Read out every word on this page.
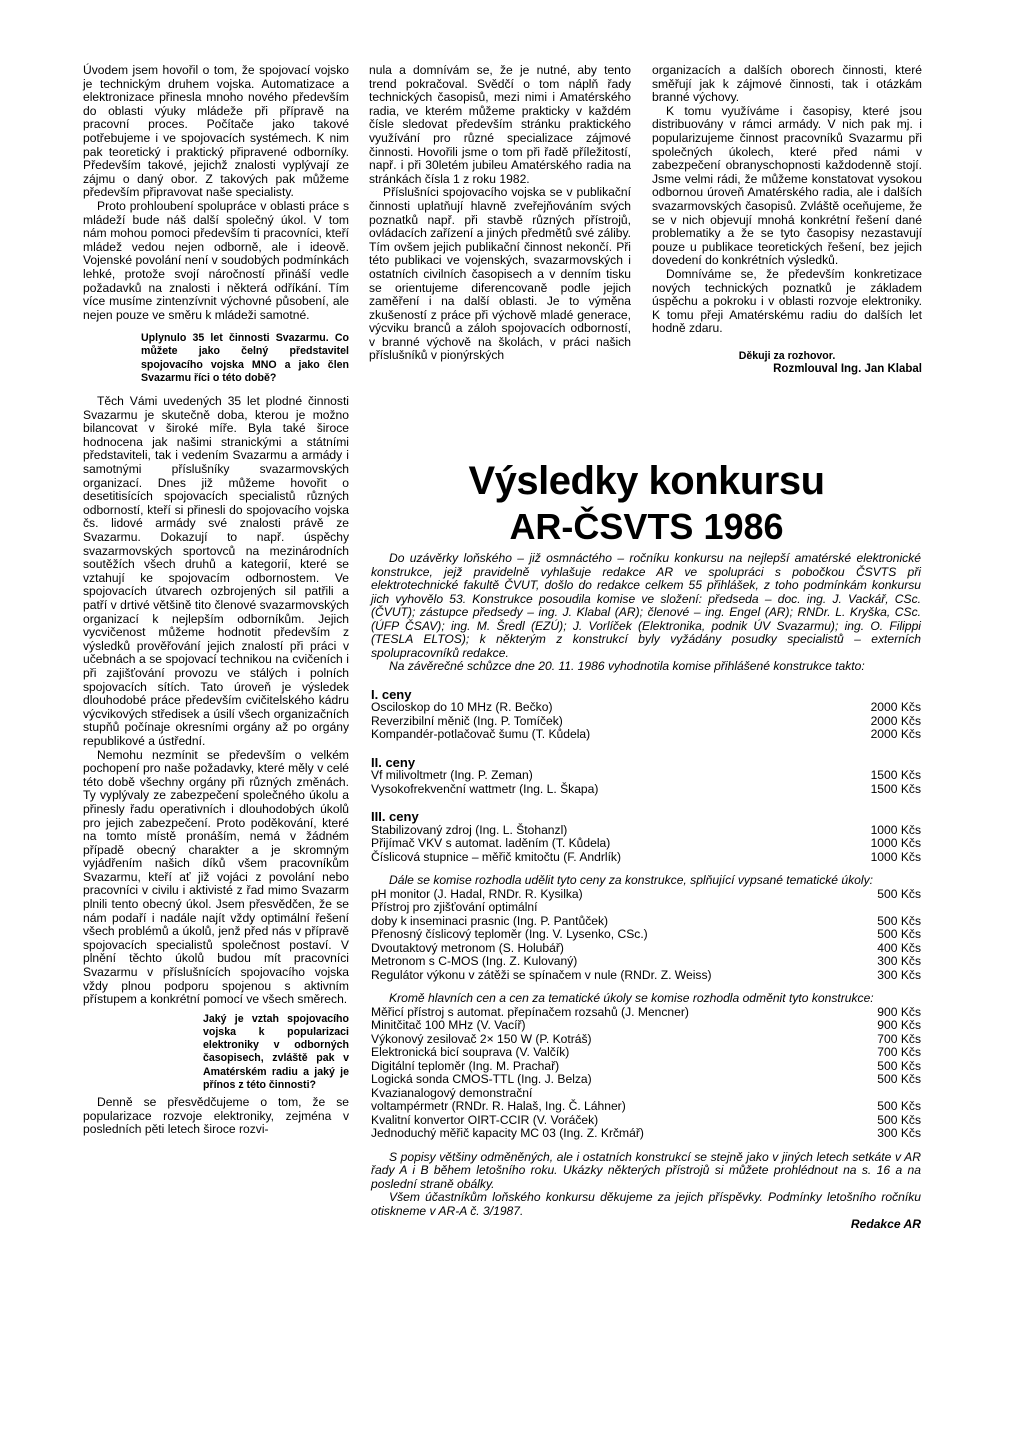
Úvodem jsem hovořil o tom, že spojovací vojsko je technickým druhem vojska. Automatizace a elektronizace přinesla mnoho nového především do oblasti výuky mládeže při přípravě na pracovní proces. Počítače jako takové potřebujeme i ve spojovacích systémech. K nim pak teoretický i praktický připravené odborníky. Především takové, jejichž znalosti vyplývají ze zájmu o daný obor. Z takových pak můžeme především připravovat naše specialisty.

Proto prohloubení spolupráce v oblasti práce s mládeží bude náš další společný úkol. V tom nám mohou pomoci především ti pracovníci, kteří mládež vedou nejen odborně, ale i ideově. Vojenské povolání není v soudobých podmínkách lehké, protože svojí náročností přináší vedle požadavků na znalosti i některá odříkání. Tím více musíme zintenzívnit výchovné působení, ale nejen pouze ve směru k mládeži samotné.

Uplynulo 35 let činnosti Svazarmu. Co můžete jako čelný představitel spojovacího vojska MNO a jako člen Svazarmu říci o této době?

Těch Vámi uvedených 35 let plodné činnosti Svazarmu je skutečně doba, kterou je možno bilancovat v široké míře. Byla také široce hodnocena jak našimi stranickými a státními představiteli, tak i vedením Svazarmu a armády i samotnými příslušníky svazarmovských organizací. Dnes již můžeme hovořit o desetitisících spojovacích specialistů různých odborností, kteří si přinesli do spojovacího vojska čs. lidové armády své znalosti právě ze Svazarmu. Dokazují to např. úspěchy svazarmovských sportovců na mezinárodních soutěžích všech druhů a kategorií, které se vztahují ke spojovacím odbornostem. Ve spojovacích útvarech ozbrojených sil patřili a patří v drtivé většině tito členové svazarmovských organizací k nejlepším odborníkům. Jejich vycvičenost můžeme hodnotit především z výsledků prověřování jejich znalostí při práci v učebnách a se spojovací technikou na cvičeních i při zajišťování provozu ve stálých i polních spojovacích sítích. Tato úroveň je výsledek dlouhodobé práce především cvičitelského kádru výcvikových středisek a úsilí všech organizačních stupňů počínaje okresními orgány až po orgány republikové a ústřední.

Nemohu nezmínit se především o velkém pochopení pro naše požadavky, které měly v celé této době všechny orgány při různých změnách. Ty vyplývaly ze zabezpečení společného úkolu a přinesly řadu operativních i dlouhodobých úkolů pro jejich zabezpečení. Proto poděkování, které na tomto místě pronáším, nemá v žádném případě obecný charakter a je skromným vyjádřením našich díků všem pracovníkům Svazarmu, kteří ať již vojáci z povolání nebo pracovníci v civilu i aktivisté z řad mimo Svazarm plnili tento obecný úkol. Jsem přesvědčen, že se nám podaří i nadále najít vždy optimální řešení všech problémů a úkolů, jenž před nás v přípravě spojovacích specialistů společnost postaví. V plnění těchto úkolů budou mít pracovníci Svazarmu v příslušnících spojovacího vojska vždy plnou podporu spojenou s aktivním přístupem a konkrétní pomocí ve všech směrech.

Jaký je vztah spojovacího vojska k popularizaci elektroniky v odborných časopisech, zvláště pak v Amatérském radiu a jaký je přínos z této činnosti?

Denně se přesvědčujeme o tom, že se popularizace rozvoje elektroniky, zejména v posledních pěti letech široce rozvi-

nula a domnívám se, že je nutné, aby tento trend pokračoval. Svědčí o tom náplň řady technických časopisů, mezi nimi i Amatérského radia, ve kterém můžeme prakticky v každém čísle sledovat především stránku praktického využívání pro různé specializace zájmové činnosti. Hovořili jsme o tom při řadě příležitostí, např. i při 30letém jubileu Amatérského radia na stránkách čísla 1 z roku 1982.

Příslušníci spojovacího vojska se v publikační činnosti uplatňují hlavně zveřejňováním svých poznatků např. při stavbě různých přístrojů, ovládacích zařízení a jiných předmětů své záliby. Tím ovšem jejich publikační činnost nekončí. Při této publikaci ve vojenských, svazarmovských i ostatních civilních časopisech a v denním tisku se orientujeme diferencovaně podle jejich zaměření i na další oblasti. Je to výměna zkušeností z práce při výchově mladé generace, výcviku branců a záloh spojovacích odborností, v branné výchově na školách, v práci našich příslušníků v pionýrských

organizacích a dalších oborech činnosti, které směřují jak k zájmové činnosti, tak i otázkám branné výchovy.

K tomu využíváme i časopisy, které jsou distribuovány v rámci armády. V nich pak mj. i popularizujeme činnost pracovníků Svazarmu při společných úkolech, které před námi v zabezpečení obranyschopnosti každodenně stojí. Jsme velmi rádi, že můžeme konstatovat vysokou odbornou úroveň Amatérského radia, ale i dalších svazarmovských časopisů. Zvláště oceňujeme, že se v nich objevují mnohá konkrétní řešení dané problematiky a že se tyto časopisy nezastavují pouze u publikace teoretických řešení, bez jejich dovedení do konkrétních výsledků.

Domníváme se, že především konkretizace nových technických poznatků je základem úspěchu a pokroku i v oblasti rozvoje elektroniky. K tomu přeji Amatérskému radiu do dalších let hodně zdaru.

Děkuji za rozhovor.

Rozmlouval Ing. Jan Klabal

Výsledky konkursu
AR-ČSVTS 1986

Do uzávěrky loňského – již osmnáctého – ročníku konkursu na nejlepší amatérské elektronické konstrukce, jejž pravidelně vyhlašuje redakce AR ve spolupráci s pobočkou ČSVTS při elektrotechnické fakultě ČVUT, došlo do redakce celkem 55 přihlášek, z toho podmínkám konkursu jich vyhovělo 53. Konstrukce posoudila komise ve složení: předseda – doc. ing. J. Vackář, CSc. (ČVUT); zástupce předsedy – ing. J. Klabal (AR); členové – ing. Engel (AR); RNDr. L. Kryška, CSc. (ÚFP ČSAV); ing. M. Šredl (EZÚ); J. Vorlíček (Elektronika, podnik ÚV Svazarmu); ing. O. Filippi (TESLA ELTOS); k některým z konstrukcí byly vyžádány posudky specialistů – externích spolupracovníků redakce.

Na závěrečné schůzce dne 20. 11. 1986 vyhodnotila komise přihlášené konstrukce takto:

I. ceny
Osciloskop do 10 MHz (R. Bečko)	2000 Kčs
Reverzibilní měnič (Ing. P. Tomíček)	2000 Kčs
Kompandér-potlačovač šumu (T. Kůdela)	2000 Kčs
II. ceny
Vf milivoltmetr (Ing. P. Zeman)	1500 Kčs
Vysokofrekvenční wattmetr (Ing. L. Škapa)	1500 Kčs
III. ceny
Stabilizovaný zdroj (Ing. L. Štohanzl)	1000 Kčs
Přijímač VKV s automat. laděním (T. Kůdela)	1000 Kčs
Číslicová stupnice – měřič kmitočtu (F. Andrlík)	1000 Kčs

Dále se komise rozhodla udělit tyto ceny za konstrukce, splňující vypsané tematické úkoly:

pH monitor (J. Hadal, RNDr. R. Kysilka)	500 Kčs
Přístroj pro zjišťování optimální
doby k inseminaci prasnic (Ing. P. Pantůček)	500 Kčs
Přenosný číslicový teploměr (Ing. V. Lysenko, CSc.)	500 Kčs
Dvoutaktový metronom (S. Holubář)	400 Kčs
Metronom s C-MOS (Ing. Z. Kulovaný)	300 Kčs
Regulátor výkonu v zátěži se spínačem v nule (RNDr. Z. Weiss)	300 Kčs

Kromě hlavních cen a cen za tematické úkoly se komise rozhodla odměnit tyto konstrukce:

Měřicí přístroj s automat. přepínačem rozsahů (J. Mencner)	900 Kčs
Minitčitač 100 MHz (V. Vacíř)	900 Kčs
Výkonový zesilovač 2× 150 W (P. Kotráš)	700 Kčs
Elektronická bicí souprava (V. Valčík)	700 Kčs
Digitální teploměr (Ing. M. Prachař)	500 Kčs
Logická sonda CMOS-TTL (Ing. J. Belza)	500 Kčs
Kvazianalogový demonstrační
voltampérmetr (RNDr. R. Halaš, Ing. Č. Láhner)	500 Kčs
Kvalitní konvertor OIRT-CCIR (V. Voráček)	500 Kčs
Jednoduchý měřič kapacity MC 03 (Ing. Z. Krčmář)	300 Kčs

S popisy většiny odměněných, ale i ostatních konstrukcí se stejně jako v jiných letech setkáte v AR řady A i B během letošního roku. Ukázky některých přístrojů si můžete prohlédnout na s. 16 a na poslední straně obálky.

Všem účastníkům loňského konkursu děkujeme za jejich příspěvky. Podmínky letošního ročníku otiskneme v AR-A č. 3/1987.

Redakce AR
